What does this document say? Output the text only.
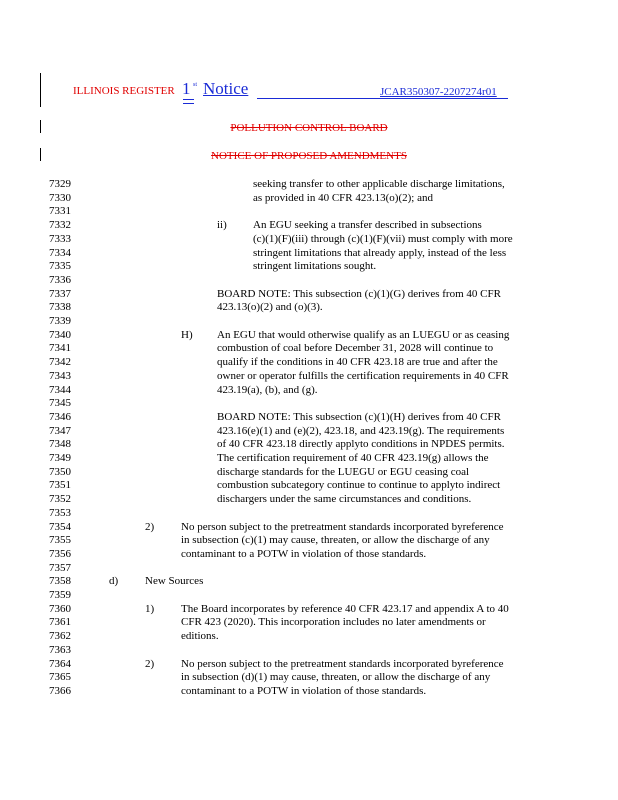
ILLINOIS REGISTER 1 st Notice	JCAR350307-2207274r01
POLLUTION CONTROL BOARD
NOTICE OF PROPOSED AMENDMENTS
7329
7330
7331
7332
7333
7334
7335
7336
7337
7338
7339
7340
7341
7342
7343
7344
7345
7346
7347
7348
7349
7350
7351
7352
7353
7354
7355
7356
7357
7358
7359
7360
7361
7362
7363
7364
7365
7366
seeking transfer to other applicable discharge limitations,
as provided in 40 CFR 423.13(o)(2); and
ii) An EGU seeking a transfer described in subsections
(c)(1)(F)(iii) through (c)(1)(F)(vii) must comply with more
stringent limitations that already apply, instead of the less
stringent limitations sought.
BOARD NOTE: This subsection (c)(1)(G) derives from 40 CFR
423.13(o)(2) and (o)(3).
H) An EGU that would otherwise qualify as an LUEGU or as ceasing
combustion of coal before December 31, 2028 will continue to
qualify if the conditions in 40 CFR 423.18 are true and after the
owner or operator fulfills the certification requirements in 40 CFR
423.19(a), (b), and (g).
BOARD NOTE: This subsection (c)(1)(H) derives from 40 CFR
423.16(e)(1) and (e)(2), 423.18, and 423.19(g). The requirements
of 40 CFR 423.18 directly applyto conditions in NPDES permits.
The certification requirement of 40 CFR 423.19(g) allows the
discharge standards for the LUEGU or EGU ceasing coal
combustion subcategory continue to continue to applyto indirect
dischargers under the same circumstances and conditions.
2) No person subject to the pretreatment standards incorporated byreference
in subsection (c)(1) may cause, threaten, or allow the discharge of any
contaminant to a POTW in violation of those standards.
d) New Sources
1) The Board incorporates by reference 40 CFR 423.17 and appendix A to 40
CFR 423 (2020). This incorporation includes no later amendments or
editions.
2) No person subject to the pretreatment standards incorporated byreference
in subsection (d)(1) may cause, threaten, or allow the discharge of any
contaminant to a POTW in violation of those standards.
